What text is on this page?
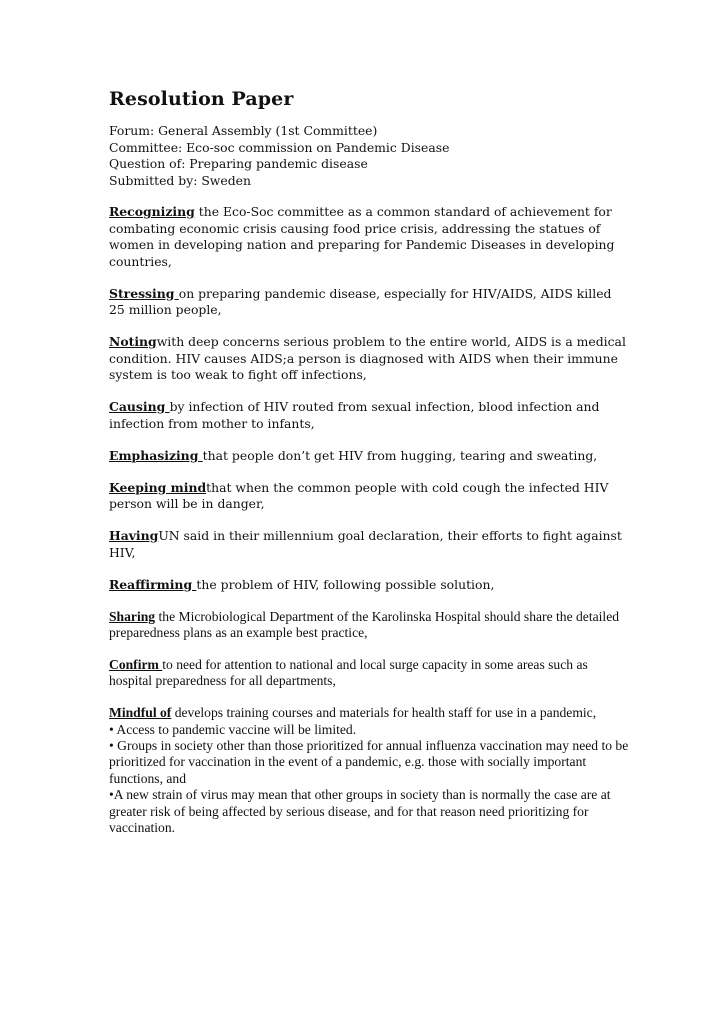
Resolution Paper
Forum: General Assembly (1st Committee)
Committee: Eco-soc commission on Pandemic Disease
Question of: Preparing pandemic disease
Submitted by: Sweden

Recognizing the Eco-Soc committee as a common standard of achievement for combating economic crisis causing food price crisis, addressing the statues of women in developing nation and preparing for Pandemic Diseases in developing countries,

Stressing on preparing pandemic disease, especially for HIV/AIDS, AIDS killed 25 million people,

Notingwith deep concerns serious problem to the entire world, AIDS is a medical condition. HIV causes AIDS;a person is diagnosed with AIDS when their immune system is too weak to fight off infections,

Causing by infection of HIV routed from sexual infection, blood infection and infection from mother to infants,

Emphasizing that people don’t get HIV from hugging, tearing and sweating,

Keeping mindthat when the common people with cold cough the infected HIV person will be in danger,

HavingUN said in their millennium goal declaration, their efforts to fight against HIV,

Reaffirming the problem of HIV, following possible solution,

Sharing the Microbiological Department of the Karolinska Hospital should share the detailed preparedness plans as an example best practice,

Confirm to need for attention to national and local surge capacity in some areas such as hospital preparedness for all departments,

Mindful of develops training courses and materials for health staff for use in a pandemic,
• Access to pandemic vaccine will be limited.
• Groups in society other than those prioritized for annual influenza vaccination may need to be prioritized for vaccination in the event of a pandemic, e.g. those with socially important functions, and
•A new strain of virus may mean that other groups in society than is normally the case are at greater risk of being affected by serious disease, and for that reason need prioritizing for vaccination.
